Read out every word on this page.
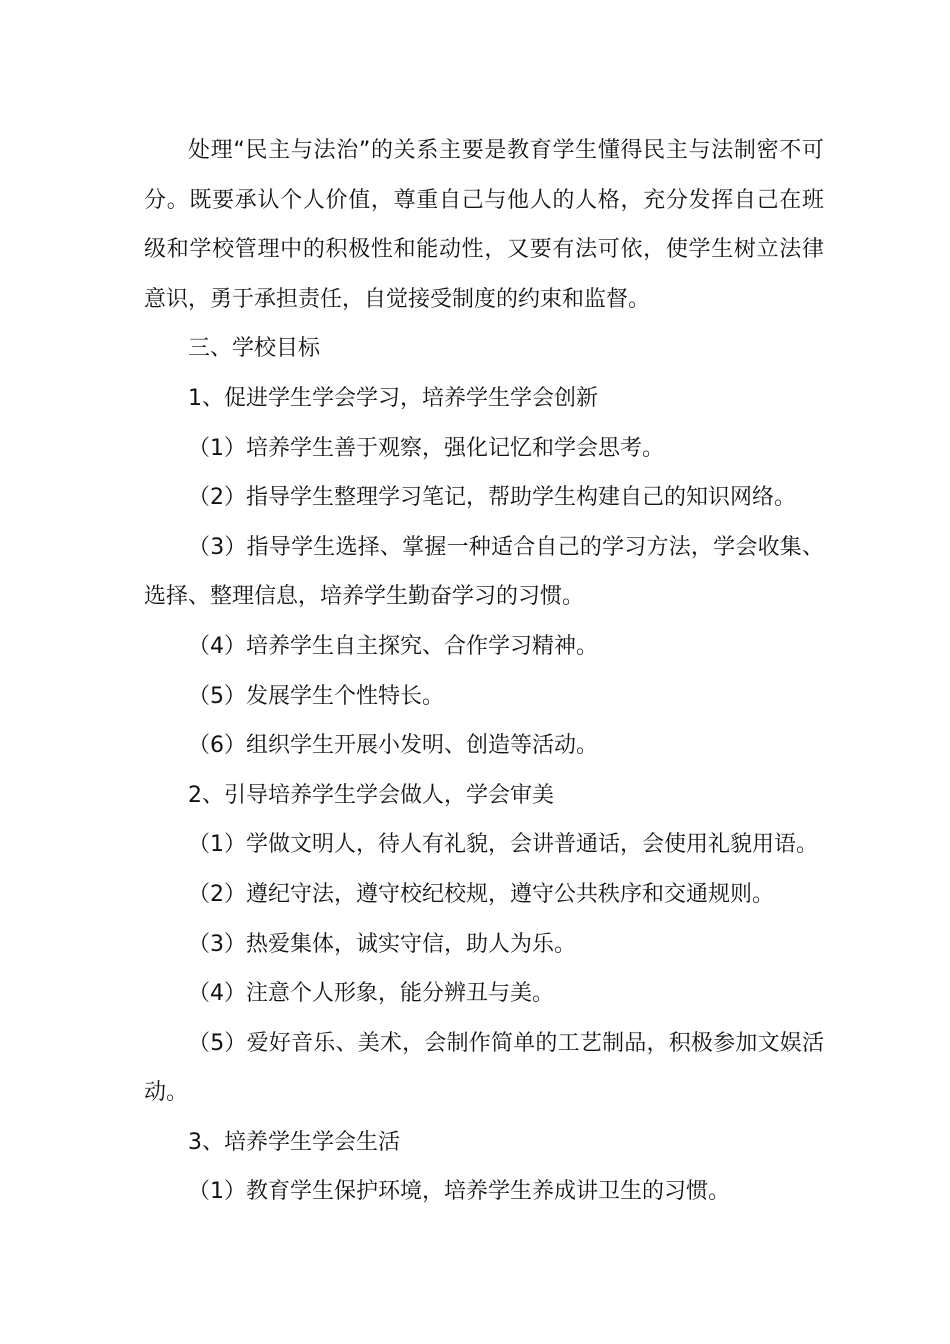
处理“民主与法治”的关系主要是教育学生懂得民主与法制密不可分。既要承认个人价值，尊重自己与他人的人格，充分发挥自己在班级和学校管理中的积极性和能动性，又要有法可依，使学生树立法律意识，勇于承担责任，自觉接受制度的约束和监督。

三、学校目标

1、促进学生学会学习，培养学生学会创新

（1）培养学生善于观察，强化记忆和学会思考。

（2）指导学生整理学习笔记，帮助学生构建自己的知识网络。

（3）指导学生选择、掌握一种适合自己的学习方法，学会收集、选择、整理信息，培养学生勤奋学习的习惯。

（4）培养学生自主探究、合作学习精神。

（5）发展学生个性特长。

（6）组织学生开展小发明、创造等活动。

2、引导培养学生学会做人，学会审美

（1）学做文明人，待人有礼貌，会讲普通话，会使用礼貌用语。

（2）遵纪守法，遵守校纪校规，遵守公共秩序和交通规则。

（3）热爱集体，诚实守信，助人为乐。

（4）注意个人形象，能分辨丑与美。

（5）爱好音乐、美术，会制作简单的工艺制品，积极参加文娱活动。

3、培养学生学会生活

（1）教育学生保护环境，培养学生养成讲卫生的习惯。
